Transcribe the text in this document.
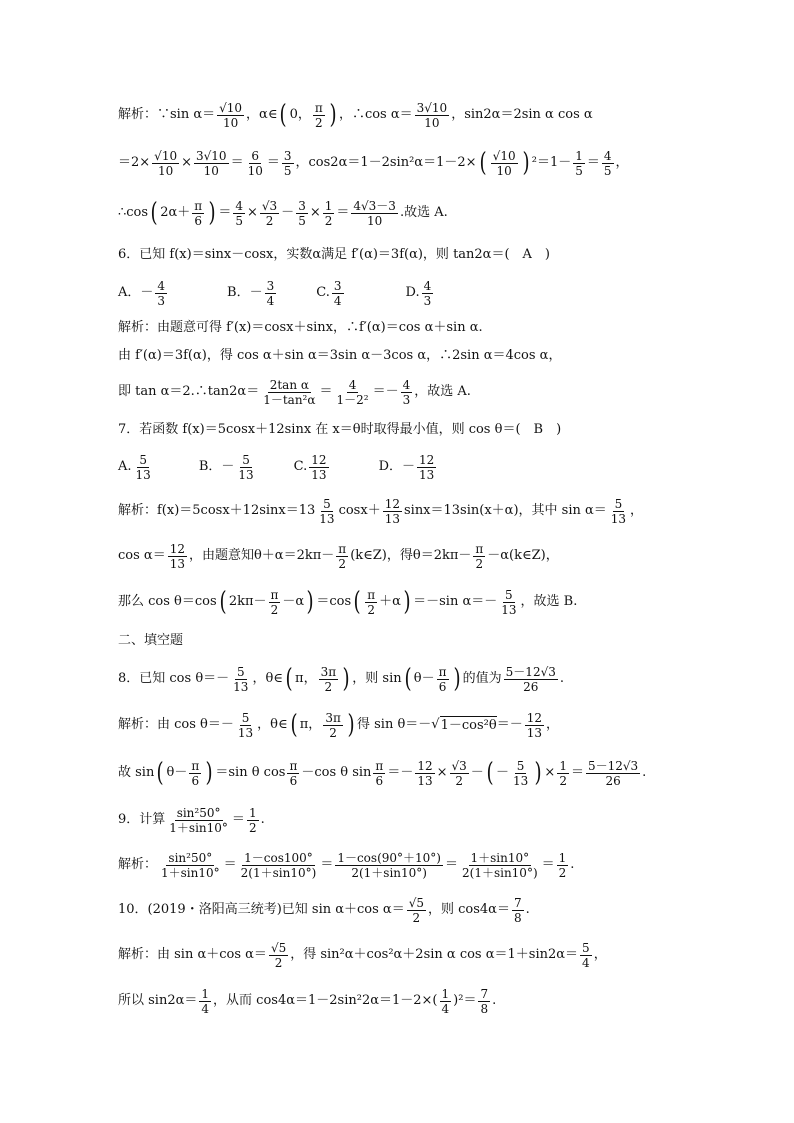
解析：∵sin $\alpha= \frac{√10}{10}$ ，α∈ ( 0， $\frac{\pi}{2}$ ) ，∴cos $\alpha= \frac{3√10}{10}$ ，sin2α＝2sin α cos α
$=2\times \frac{√10}{10} \times \frac{3√10}{10} = \frac{6}{10} = \frac{3}{5}$ ，cos2α＝1－2sin²α＝1－2× ( $\frac{√10}{10}$ ) $^2=1- \frac{1}{5} = \frac{4}{5}$ ，
∴cos ( $2\alpha+ \frac{\pi}{6}$ ) ＝ $\frac{4}{5} \times \frac{√3}{2} - \frac{3}{5} \times \frac{1}{2} = \frac{4√3-3}{10}$ .故选 A.
6．已知 f(x)＝sinx－cosx，实数α满足 f′(α)＝3f(α)，则 tan2α＝(　A　)
A．－ $\frac{4}{3}$	B．－ $\frac{3}{4}$	C. $\frac{3}{4}$	D. $\frac{4}{3}$
解析：由题意可得 f′(x)＝cosx＋sinx，∴f′(α)＝cos α＋sin α.
由 f′(α)＝3f(α)，得 cos α＋sin α＝3sin α－3cos α，∴2sin α＝4cos α，
即 tan α＝2.∴tan2α＝ $\frac{\text{2tan α}}{\text{1－tan²α}} = \frac{4}{\text{1－2²}} =- \frac{4}{3}$ ，故选 A.
7．若函数 f(x)＝5cosx＋12sinx 在 x＝θ时取得最小值，则 cos θ＝(　B　)
A. $\frac{5}{13}$	B．－ $\frac{5}{13}$	C. $\frac{12}{13}$	D．－ $\frac{12}{13}$
解析：$f(x)=5\cos x+12\sin x=13 \frac{5}{13} \cos x+ \frac{12}{13} \sin x=13\sin(x+\alpha)$，其中 $\sin \alpha= \frac{5}{13}$ ，
$\cos \alpha= \frac{12}{13}$ ，由题意知$\theta+\alpha=2k\pi- \frac{\pi}{2}$ (k∈Z)，得$\theta=2k\pi- \frac{\pi}{2}$ －α(k∈Z)，
那么 cos θ＝cos ( $2k\pi- \frac{\pi}{2} -\alpha$ ) ＝cos ( $\frac{\pi}{2} +\alpha$ ) ＝－sin $\alpha=- \frac{5}{13}$ ，故选 B.
二、填空题
8．已知 $\cos \theta=- \frac{5}{13}$ ，θ∈ ( π， $\frac{3\pi}{2}$ ) ，则 sin ( $\theta- \frac{\pi}{6}$ ) 的值为 $\frac{5-12√3}{26}$ .
解析：由 $\cos \theta=- \frac{5}{13}$ ，θ∈ ( π， $\frac{3\pi}{2}$ ) 得 sin θ＝－
√ $1-\cos^2\theta =- \frac{12}{13}$ ，
故 sin ( $\theta- \frac{\pi}{6}$ ) ＝sin θ $\cos \frac{\pi}{6} -\cos$ θ $\sin \frac{\pi}{6} =- \frac{12}{13} \times \frac{√3}{2}$ － ( － $\frac{5}{13}$ ) × $\frac{1}{2} = \frac{5-12√3}{26}$ .
9．计算 $\frac{\text{sin²50°}}{1+\sin 10^\circ} = \frac{1}{2}$ .
解析： $\frac{\text{sin²50°}}{1+\sin 10^\circ} = \frac{1-\cos 100^\circ}{2(1+\sin 10^\circ)} = \frac{1-\cos(90^\circ+10^\circ)}{2(1+\sin 10^\circ)} = \frac{1+\sin 10^\circ}{2(1+\sin 10^\circ)} = \frac{1}{2}$ .
10．(2019・洛阳高三统考)已知 sin α＋cos $\alpha= \frac{√5}{2}$ ，则 $\cos 4\alpha= \frac{7}{8}$ .
解析：由 sin α＋cos $\alpha= \frac{√5}{2}$ ，得 sin²α＋cos²α＋2sin α $\cos \alpha=1+\sin 2\alpha= \frac{5}{4}$ ，
所以 $\sin 2\alpha= \frac{1}{4}$ ，从而 $\cos 4\alpha=1-2\sin^22\alpha=1-2\times( \frac{1}{4} )^2= \frac{7}{8}$ .
